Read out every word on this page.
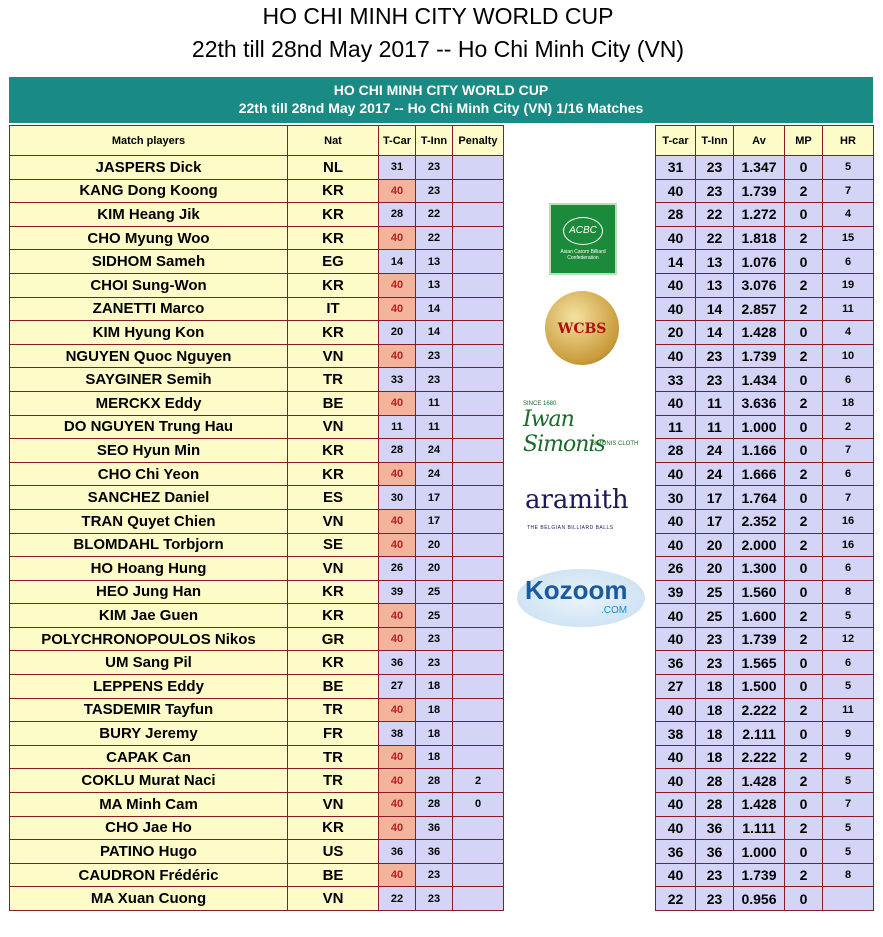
HO CHI MINH CITY WORLD CUP
22th till 28nd May 2017 -- Ho Chi Minh City (VN)
HO CHI MINH CITY WORLD CUP
22th till 28nd May 2017 -- Ho Chi Minh City (VN) 1/16 Matches
Match players	Nat	T-Car	T-Inn	Penalty
JASPERS Dick	NL	31	23	
KANG Dong Koong	KR	40	23	
KIM Heang Jik	KR	28	22	
CHO Myung Woo	KR	40	22	
SIDHOM Sameh	EG	14	13	
CHOI Sung-Won	KR	40	13	
ZANETTI Marco	IT	40	14	
KIM Hyung Kon	KR	20	14	
NGUYEN Quoc Nguyen	VN	40	23	
SAYGINER Semih	TR	33	23	
MERCKX Eddy	BE	40	11	
DO NGUYEN Trung Hau	VN	11	11	
SEO Hyun Min	KR	28	24	
CHO Chi Yeon	KR	40	24	
SANCHEZ Daniel	ES	30	17	
TRAN Quyet Chien	VN	40	17	
BLOMDAHL Torbjorn	SE	40	20	
HO Hoang Hung	VN	26	20	
HEO Jung Han	KR	39	25	
KIM Jae Guen	KR	40	25	
POLYCHRONOPOULOS Nikos	GR	40	23	
UM Sang Pil	KR	36	23	
LEPPENS Eddy	BE	27	18	
TASDEMIR Tayfun	TR	40	18	
BURY Jeremy	FR	38	18	
CAPAK Can	TR	40	18	
COKLU Murat Naci	TR	40	28	2
MA Minh Cam	VN	40	28	0
CHO Jae Ho	KR	40	36	
PATINO Hugo	US	36	36	
CAUDRON Frédéric	BE	40	23	
MA Xuan Cuong	VN	22	23	
ACBC
Asian Carom Billiard Confederation
WCBS
SINCE 1680
Iwan Simonis
SIMONIS CLOTH
aramith
THE BELGIAN BILLIARD BALLS
Kozoom
.COM
T-car	T-Inn	Av	MP	HR
31	23	1.347	0	5
40	23	1.739	2	7
28	22	1.272	0	4
40	22	1.818	2	15
14	13	1.076	0	6
40	13	3.076	2	19
40	14	2.857	2	11
20	14	1.428	0	4
40	23	1.739	2	10
33	23	1.434	0	6
40	11	3.636	2	18
11	11	1.000	0	2
28	24	1.166	0	7
40	24	1.666	2	6
30	17	1.764	0	7
40	17	2.352	2	16
40	20	2.000	2	16
26	20	1.300	0	6
39	25	1.560	0	8
40	25	1.600	2	5
40	23	1.739	2	12
36	23	1.565	0	6
27	18	1.500	0	5
40	18	2.222	2	11
38	18	2.111	0	9
40	18	2.222	2	9
40	28	1.428	2	5
40	28	1.428	0	7
40	36	1.111	2	5
36	36	1.000	0	5
40	23	1.739	2	8
22	23	0.956	0	
